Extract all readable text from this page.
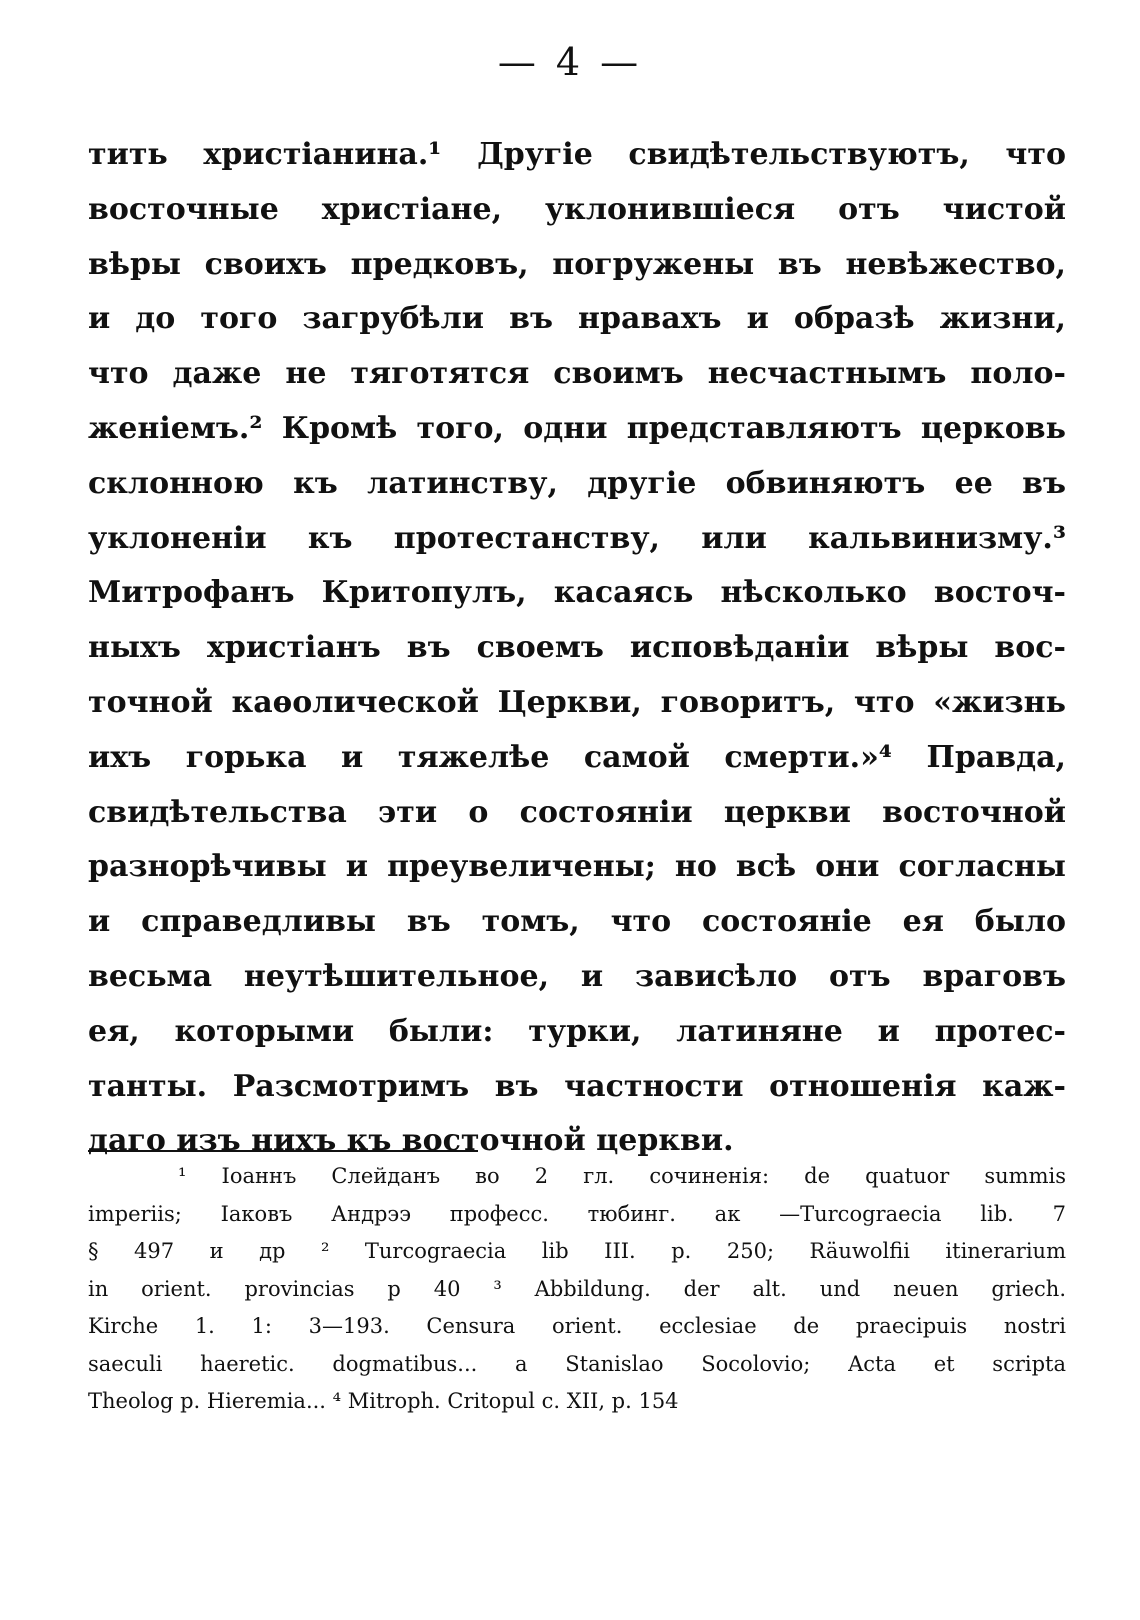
— 4 —
тить христіанина.¹ Другіе свидѣтельствуютъ, что
восточные христіане, уклонившіеся отъ чистой
вѣры своихъ предковъ, погружены въ невѣжество,
и до того загрубѣли въ нравахъ и образѣ жизни,
что даже не тяготятся своимъ несчастнымъ поло-
женіемъ.² Кромѣ того, одни представляютъ церковь
склонною къ латинству, другіе обвиняютъ ее въ
уклоненіи къ протестанству, или кальвинизму.³
Митрофанъ Критопулъ, касаясь нѣсколько восточ-
ныхъ христіанъ въ своемъ исповѣданіи вѣры вос-
точной каѳолической Церкви, говоритъ, что «жизнь
ихъ горька и тяжелѣе самой смерти.»⁴ Правда,
свидѣтельства эти о состояніи церкви восточной
разнорѣчивы и преувеличены; но всѣ они согласны
и справедливы въ томъ, что состояніе ея было
весьма неутѣшительное, и зависѣло отъ враговъ
ея, которыми были: турки, латиняне и протес-
танты. Разсмотримъ въ частности отношенія каж-
даго изъ нихъ къ восточной церкви.
¹ Іоаннъ Слейданъ во 2 гл. сочиненія: de quatuor summis
imperiis; Іаковъ Андрээ професс. тюбинг. ак —Turcograecia lib. 7
§ 497 и др ² Turcograecia lib III. p. 250; Räuwolfii itinerarium
in orient. provincias p 40 ³ Abbildung. der alt. und neuen griech.
Kirche 1. 1: 3—193. Censura orient. ecclesiae de praecipuis nostri
saeculi haeretic. dogmatibus... a Stanislao Socolovio; Acta et scripta
Theolog p. Hieremia... ⁴ Mitroph. Critopul c. XII, p. 154
